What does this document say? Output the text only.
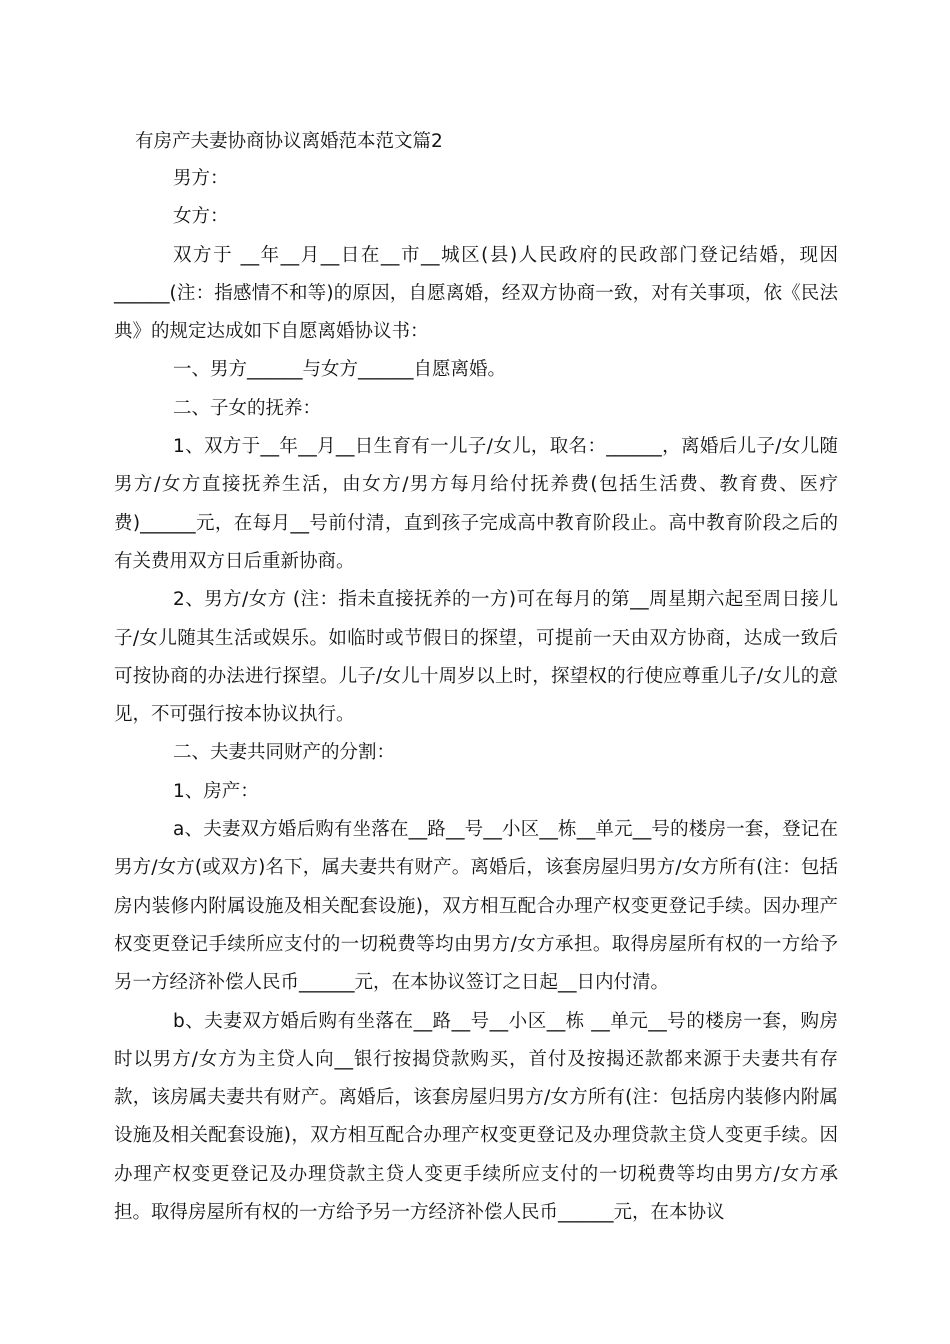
有房产夫妻协商协议离婚范本范文篇2

男方：

女方：

双方于 __年__月__日在__市__城区(县)人民政府的民政部门登记结婚，现因______(注：指感情不和等)的原因，自愿离婚，经双方协商一致，对有关事项，依《民法典》的规定达成如下自愿离婚协议书：

一、男方______与女方______自愿离婚。

二、子女的抚养：

1、双方于__年__月__日生育有一儿子/女儿，取名：______，离婚后儿子/女儿随男方/女方直接抚养生活，由女方/男方每月给付抚养费(包括生活费、教育费、医疗费)______元，在每月__号前付清，直到孩子完成高中教育阶段止。高中教育阶段之后的有关费用双方日后重新协商。

2、男方/女方 (注：指未直接抚养的一方)可在每月的第__周星期六起至周日接儿子/女儿随其生活或娱乐。如临时或节假日的探望，可提前一天由双方协商，达成一致后可按协商的办法进行探望。儿子/女儿十周岁以上时，探望权的行使应尊重儿子/女儿的意见，不可强行按本协议执行。

二、夫妻共同财产的分割：

1、房产：

a、夫妻双方婚后购有坐落在__路__号__小区__栋__单元__号的楼房一套，登记在男方/女方(或双方)名下，属夫妻共有财产。离婚后，该套房屋归男方/女方所有(注：包括房内装修内附属设施及相关配套设施)，双方相互配合办理产权变更登记手续。因办理产权变更登记手续所应支付的一切税费等均由男方/女方承担。取得房屋所有权的一方给予另一方经济补偿人民币______元，在本协议签订之日起__日内付清。

b、夫妻双方婚后购有坐落在__路__号__小区__栋 __单元__号的楼房一套，购房时以男方/女方为主贷人向__银行按揭贷款购买，首付及按揭还款都来源于夫妻共有存款，该房属夫妻共有财产。离婚后，该套房屋归男方/女方所有(注：包括房内装修内附属设施及相关配套设施)，双方相互配合办理产权变更登记及办理贷款主贷人变更手续。因办理产权变更登记及办理贷款主贷人变更手续所应支付的一切税费等均由男方/女方承担。取得房屋所有权的一方给予另一方经济补偿人民币______元，在本协议
